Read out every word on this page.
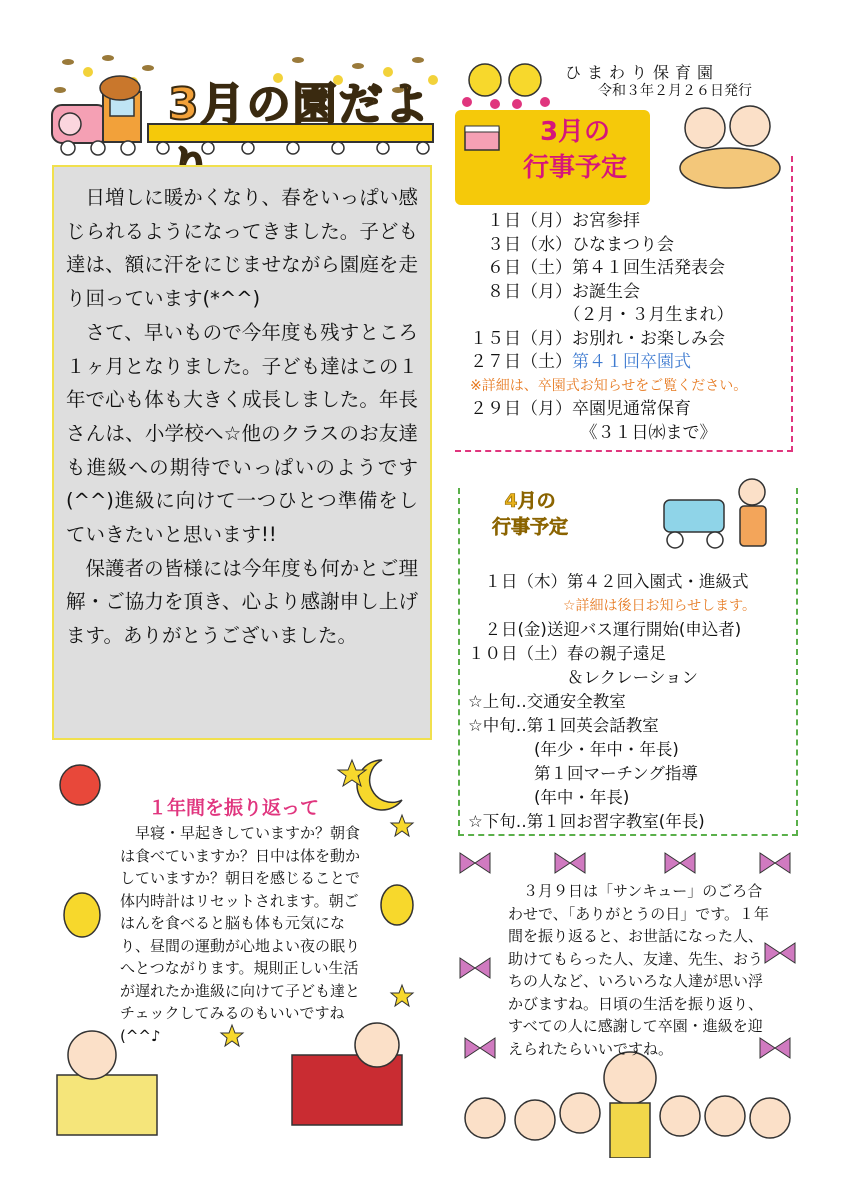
3月の園だよ
ひまわり保育園
令和３年２月２６日発行

日増しに暖かくなり、春をいっぱい感じられるようになってきました。子ども達は、額に汗をにじませながら園庭を走り回っています(*^^)

さて、早いもので今年度も残すところ１ヶ月となりました。子ども達はこの１年で心も体も大きく成長しました。年長さんは、小学校へ☆他のクラスのお友達も進級への期待でいっぱいのようです(^^)進級に向けて一つひとつ準備をしていきたいと思います!!

保護者の皆様には今年度も何かとご理解・ご協力を頂き、心より感謝申し上げます。ありがとうございました。

3月の
行事予定
　１日（月）お宮参拝
　３日（水）ひなまつり会
　６日（土）第４１回生活発表会
　８日（月）お誕生会
　　　　　　（２月・３月生まれ）
１５日（月）お別れ・お楽しみ会
２７日（土）第４１回卒園式
※詳細は、卒園式お知らせをご覧ください。
２９日（月）卒園児通常保育
　　　　　　　《３１日㈬まで》
4月の
行事予定
　１日（木）第４２回入園式・進級式
☆詳細は後日お知らせします。
　２日(金)送迎バス運行開始(申込者)
１０日（土）春の親子遠足
　　　　　　＆レクレーション
☆上旬‥交通安全教室
☆中旬‥第１回英会話教室
　　　　(年少・年中・年長)
　　　　第１回マーチング指導
　　　　(年中・年長)
☆下旬‥第１回お習字教室(年長)
１年間を振り返って

早寝・早起きしていますか？朝食は食べていますか？日中は体を動かしていますか？朝日を感じることで体内時計はリセットされます。朝ごはんを食べると脳も体も元気になり、昼間の運動が心地よい夜の眠りへとつながります。規則正しい生活が遅れたか進級に向けて子ども達とチェックしてみるのもいいですね(^^♪

３月９日は「サンキュー」のごろ合わせで、「ありがとうの日」です。１年間を振り返ると、お世話になった人、助けてもらった人、友達、先生、おうちの人など、いろいろな人達が思い浮かびますね。日頃の生活を振り返り、すべての人に感謝して卒園・進級を迎えられたらいいですね。
